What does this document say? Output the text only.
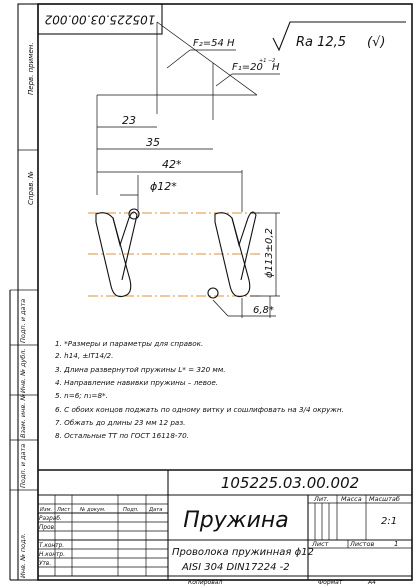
Перв. примен.
Справ. №
Подп. и дата
Инв. № дубл.
Взам. инв. №
Подп. и дата
Инв. № подл.
105225.03.00.002
Ra 12,5 (√)
F₂=54 Н
F₁=20
+1 −2
Н
23
35
42*
ϕ12*
ϕ113±0,2
6,8*
1. *Размеры и параметры для справок.
2. h14, ±IT14/2.
3. Длина развернутой пружины L* = 320 мм.
4. Направление навивки пружины – левое.
5. n=6; n₁=8*.
6. С обоих концов поджать по одному витку и сошлифовать на 3/4 окружн.
7. Обжать до длины 23 мм 12 раз.
8. Остальные ТТ по ГОСТ 16118-70.
105225.03.00.002
Пружина
Проволока пружинная ϕ12
AISI 304 DIN17224 -2
Лит. Масса Масштаб
2:1
Лист	Листов	1
Изм. Лист № докум.	Подп. Дата
Разраб.
Пров.
Т.контр.
Н.контр.
Утв.
Копировал	Формат	А4
